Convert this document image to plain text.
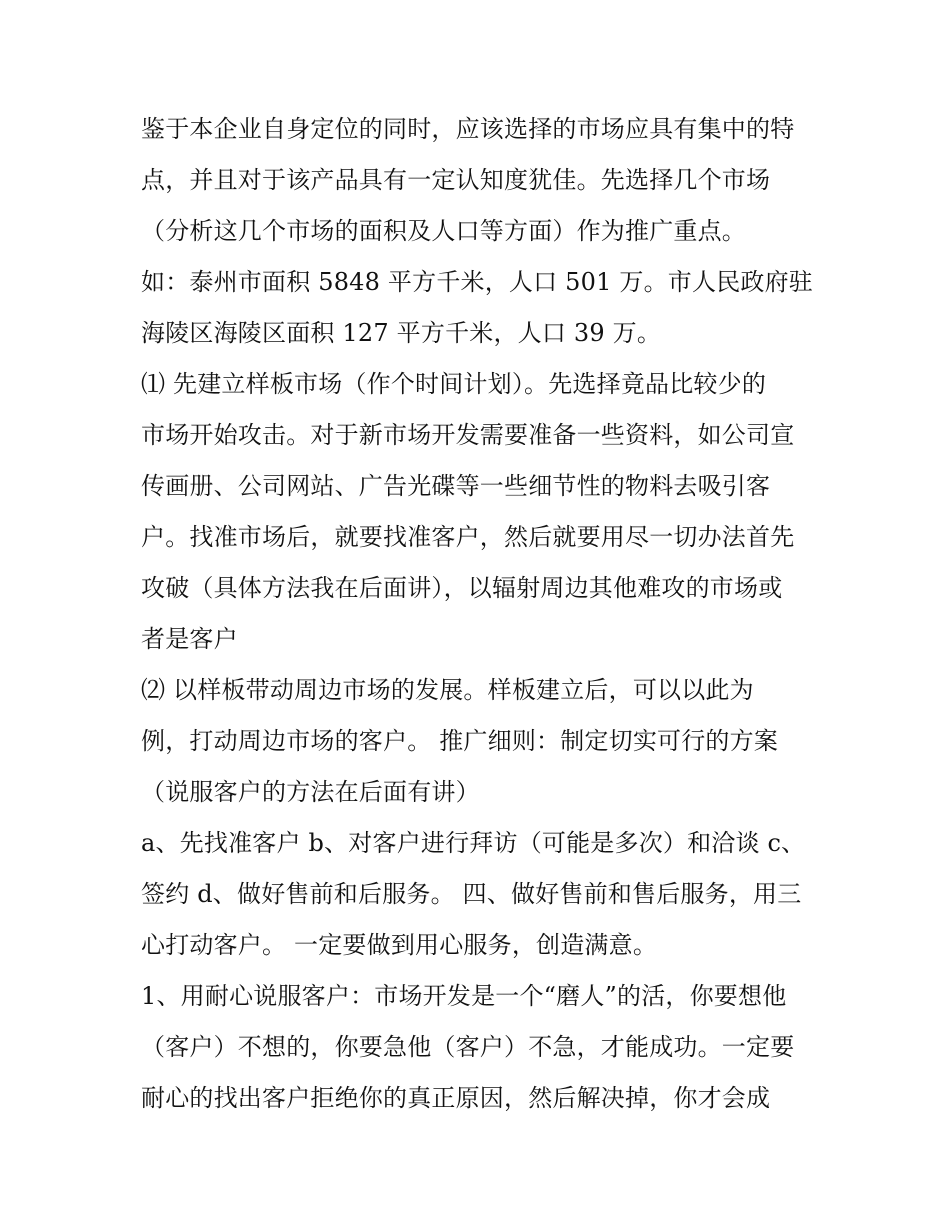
鉴于本企业自身定位的同时，应该选择的市场应具有集中的特
点，并且对于该产品具有一定认知度犹佳。先选择几个市场
（分析这几个市场的面积及人口等方面）作为推广重点。
如：泰州市面积 5848 平方千米，人口 501 万。市人民政府驻
海陵区海陵区面积 127 平方千米，人口 39 万。
⑴ 先建立样板市场（作个时间计划）。先选择竟品比较少的
市场开始攻击。对于新市场开发需要准备一些资料，如公司宣
传画册、公司网站、广告光碟等一些细节性的物料去吸引客
户。找准市场后，就要找准客户，然后就要用尽一切办法首先
攻破（具体方法我在后面讲），以辐射周边其他难攻的市场或
者是客户
⑵ 以样板带动周边市场的发展。样板建立后，可以以此为
例，打动周边市场的客户。 推广细则：制定切实可行的方案
（说服客户的方法在后面有讲）
a、先找准客户 b、对客户进行拜访（可能是多次）和洽谈 c、
签约 d、做好售前和后服务。 四、做好售前和售后服务，用三
心打动客户。 一定要做到用心服务，创造满意。
1、用耐心说服客户：市场开发是一个“磨人”的活，你要想他
（客户）不想的，你要急他（客户）不急，才能成功。一定要
耐心的找出客户拒绝你的真正原因，然后解决掉，你才会成
